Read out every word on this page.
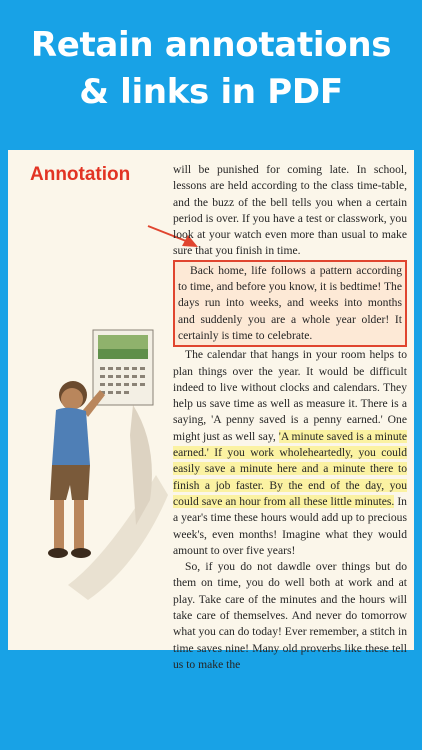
Retain annotations
& links in PDF
Annotation	will be punished for coming late. In school, lessons are held according to the class time-table, and the buzz of the bell tells you when a certain period is over. If you have a test or classwork, you look at your watch even more than usual to make sure that you finish in time.

Back home, life follows a pattern according to time, and before you know, it is bedtime! The days run into weeks, and weeks into months and suddenly you are a whole year older! It certainly is time to celebrate.

The calendar that hangs in your room helps to plan things over the year. It would be difficult indeed to live without clocks and calendars. They help us save time as well as measure it. There is a saying, 'A penny saved is a penny earned.' One might just as well say, 'A minute saved is a minute earned.' If you work wholeheartedly, you could easily save a minute here and a minute there to finish a job faster. By the end of the day, you could save an hour from all these little minutes. In a year's time these hours would add up to precious week's, even months! Imagine what they would amount to over five years!

So, if you do not dawdle over things but do them on time, you do well both at work and at play. Take care of the minutes and the hours will take care of themselves. And never do tomorrow what you can do today! Ever remember, a stitch in time saves nine! Many old proverbs like these tell us to make the
